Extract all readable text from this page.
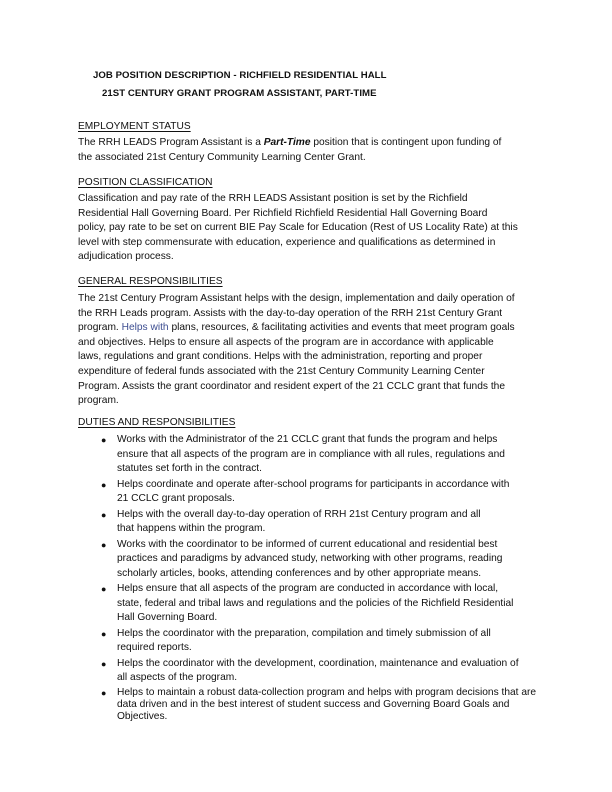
JOB POSITION DESCRIPTION - RICHFIELD RESIDENTIAL HALL
21ST CENTURY GRANT PROGRAM ASSISTANT, PART-TIME
EMPLOYMENT STATUS
The RRH LEADS Program Assistant is a Part-Time position that is contingent upon funding of
the associated 21st Century Community Learning Center Grant.
POSITION CLASSIFICATION
Classification and pay rate of the RRH LEADS Assistant position is set by the Richfield
Residential Hall Governing Board. Per Richfield Richfield Residential Hall Governing Board
policy, pay rate to be set on current BIE Pay Scale for Education (Rest of US Locality Rate) at this
level with step commensurate with education, experience and qualifications as determined in
adjudication process.
GENERAL RESPONSIBILITIES
The 21st Century Program Assistant helps with the design, implementation and daily operation of
the RRH Leads program. Assists with the day-to-day operation of the RRH 21st Century Grant
program. Helps with plans, resources, & facilitating activities and events that meet program goals
and objectives. Helps to ensure all aspects of the program are in accordance with applicable
laws, regulations and grant conditions. Helps with the administration, reporting and proper
expenditure of federal funds associated with the 21st Century Community Learning Center
Program. Assists the grant coordinator and resident expert of the 21 CCLC grant that funds the
program.
DUTIES AND RESPONSIBILITIES
● Works with the Administrator of the 21 CCLC grant that funds the program and helps
ensure that all aspects of the program are in compliance with all rules, regulations and
statutes set forth in the contract.
● Helps coordinate and operate after-school programs for participants in accordance with
21 CCLC grant proposals.
● Helps with the overall day-to-day operation of RRH 21st Century program and all
that happens within the program.
● Works with the coordinator to be informed of current educational and residential best
practices and paradigms by advanced study, networking with other programs, reading
scholarly articles, books, attending conferences and by other appropriate means.
● Helps ensure that all aspects of the program are conducted in accordance with local,
state, federal and tribal laws and regulations and the policies of the Richfield Residential
Hall Governing Board.
● Helps the coordinator with the preparation, compilation and timely submission of all
required reports.
● Helps the coordinator with the development, coordination, maintenance and evaluation of
all aspects of the program.
● Helps to maintain a robust data-collection program and helps with program decisions that are
data driven and in the best interest of student success and Governing Board Goals and
Objectives.
